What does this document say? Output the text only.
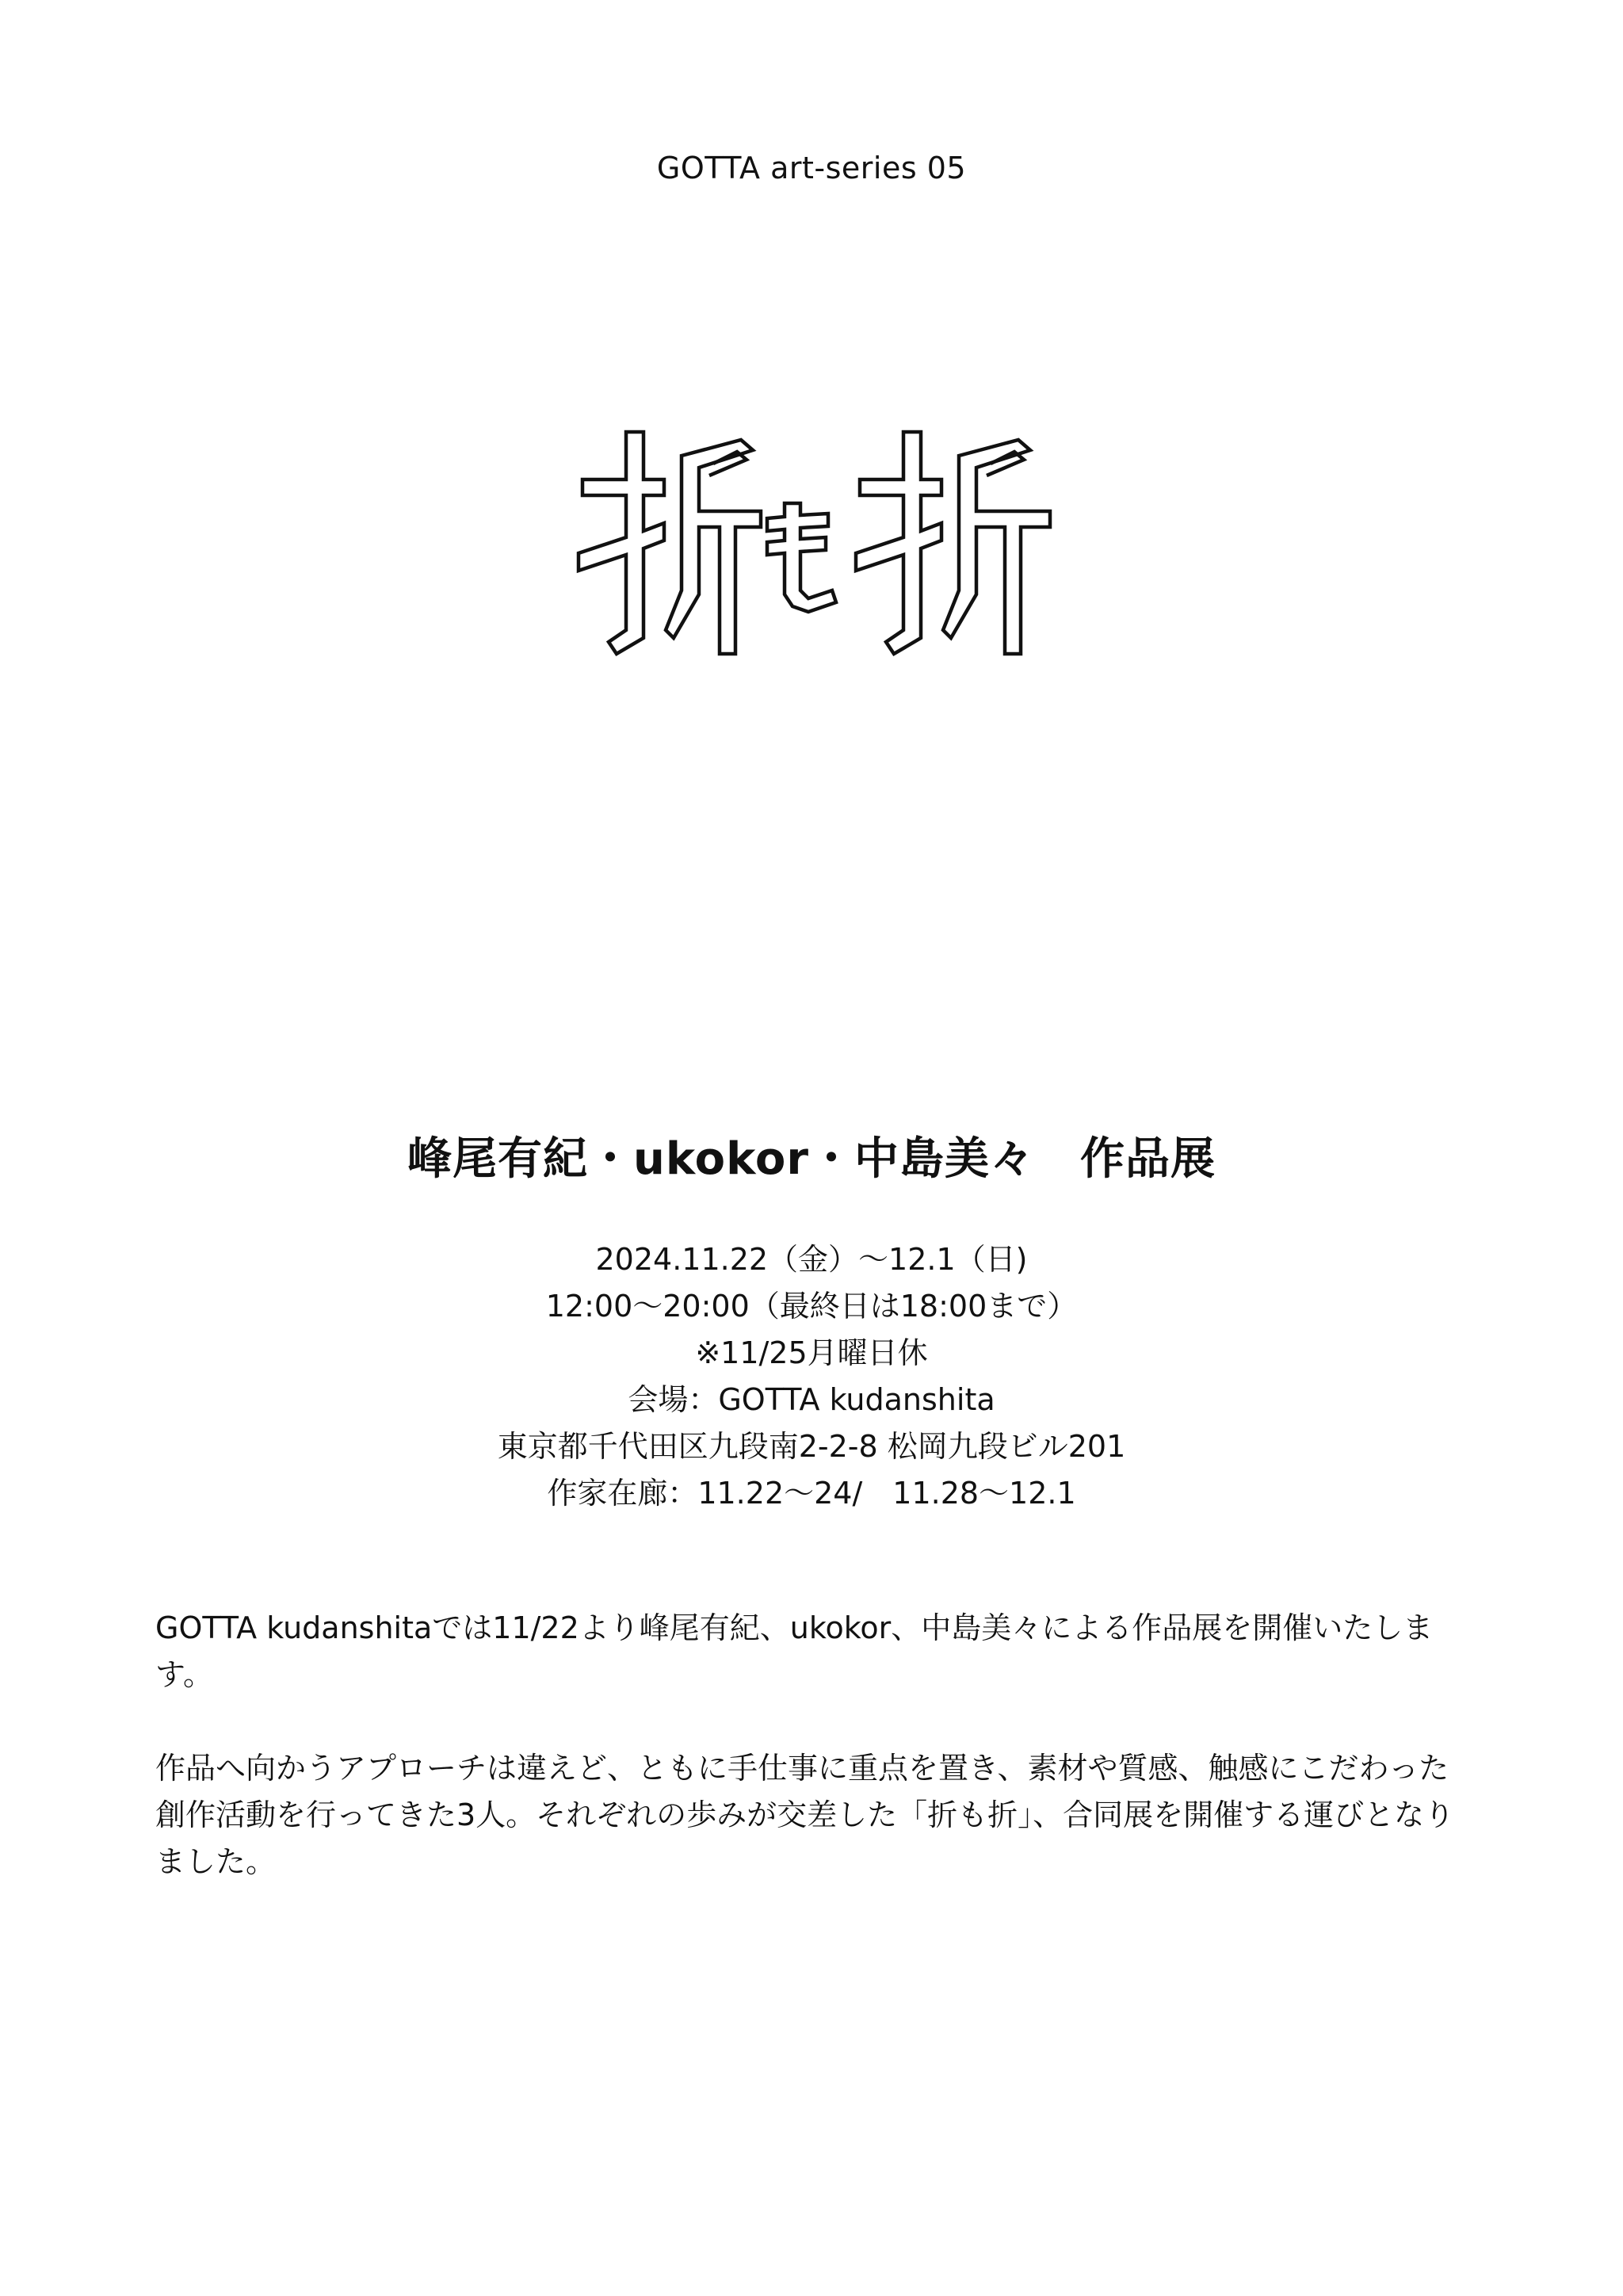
GOTTA art-series 05
峰尾有紀・ukokor・中島美々　作品展
2024.11.22（金）〜12.1（日)
12:00〜20:00（最終日は18:00まで）
※11/25月曜日休
会場：GOTTA kudanshita
東京都千代田区九段南2-2-8 松岡九段ビル201
作家在廊：11.22〜24/　11.28〜12.1

GOTTA kudanshitaでは11/22より峰尾有紀、ukokor、中島美々による作品展を開催いたしま
す。

作品へ向かうアプローチは違えど、ともに手仕事に重点を置き、素材や質感、触感にこだわった
創作活動を行ってきた3人。それぞれの歩みが交差した「折も折」、合同展を開催する運びとなり
ました。
